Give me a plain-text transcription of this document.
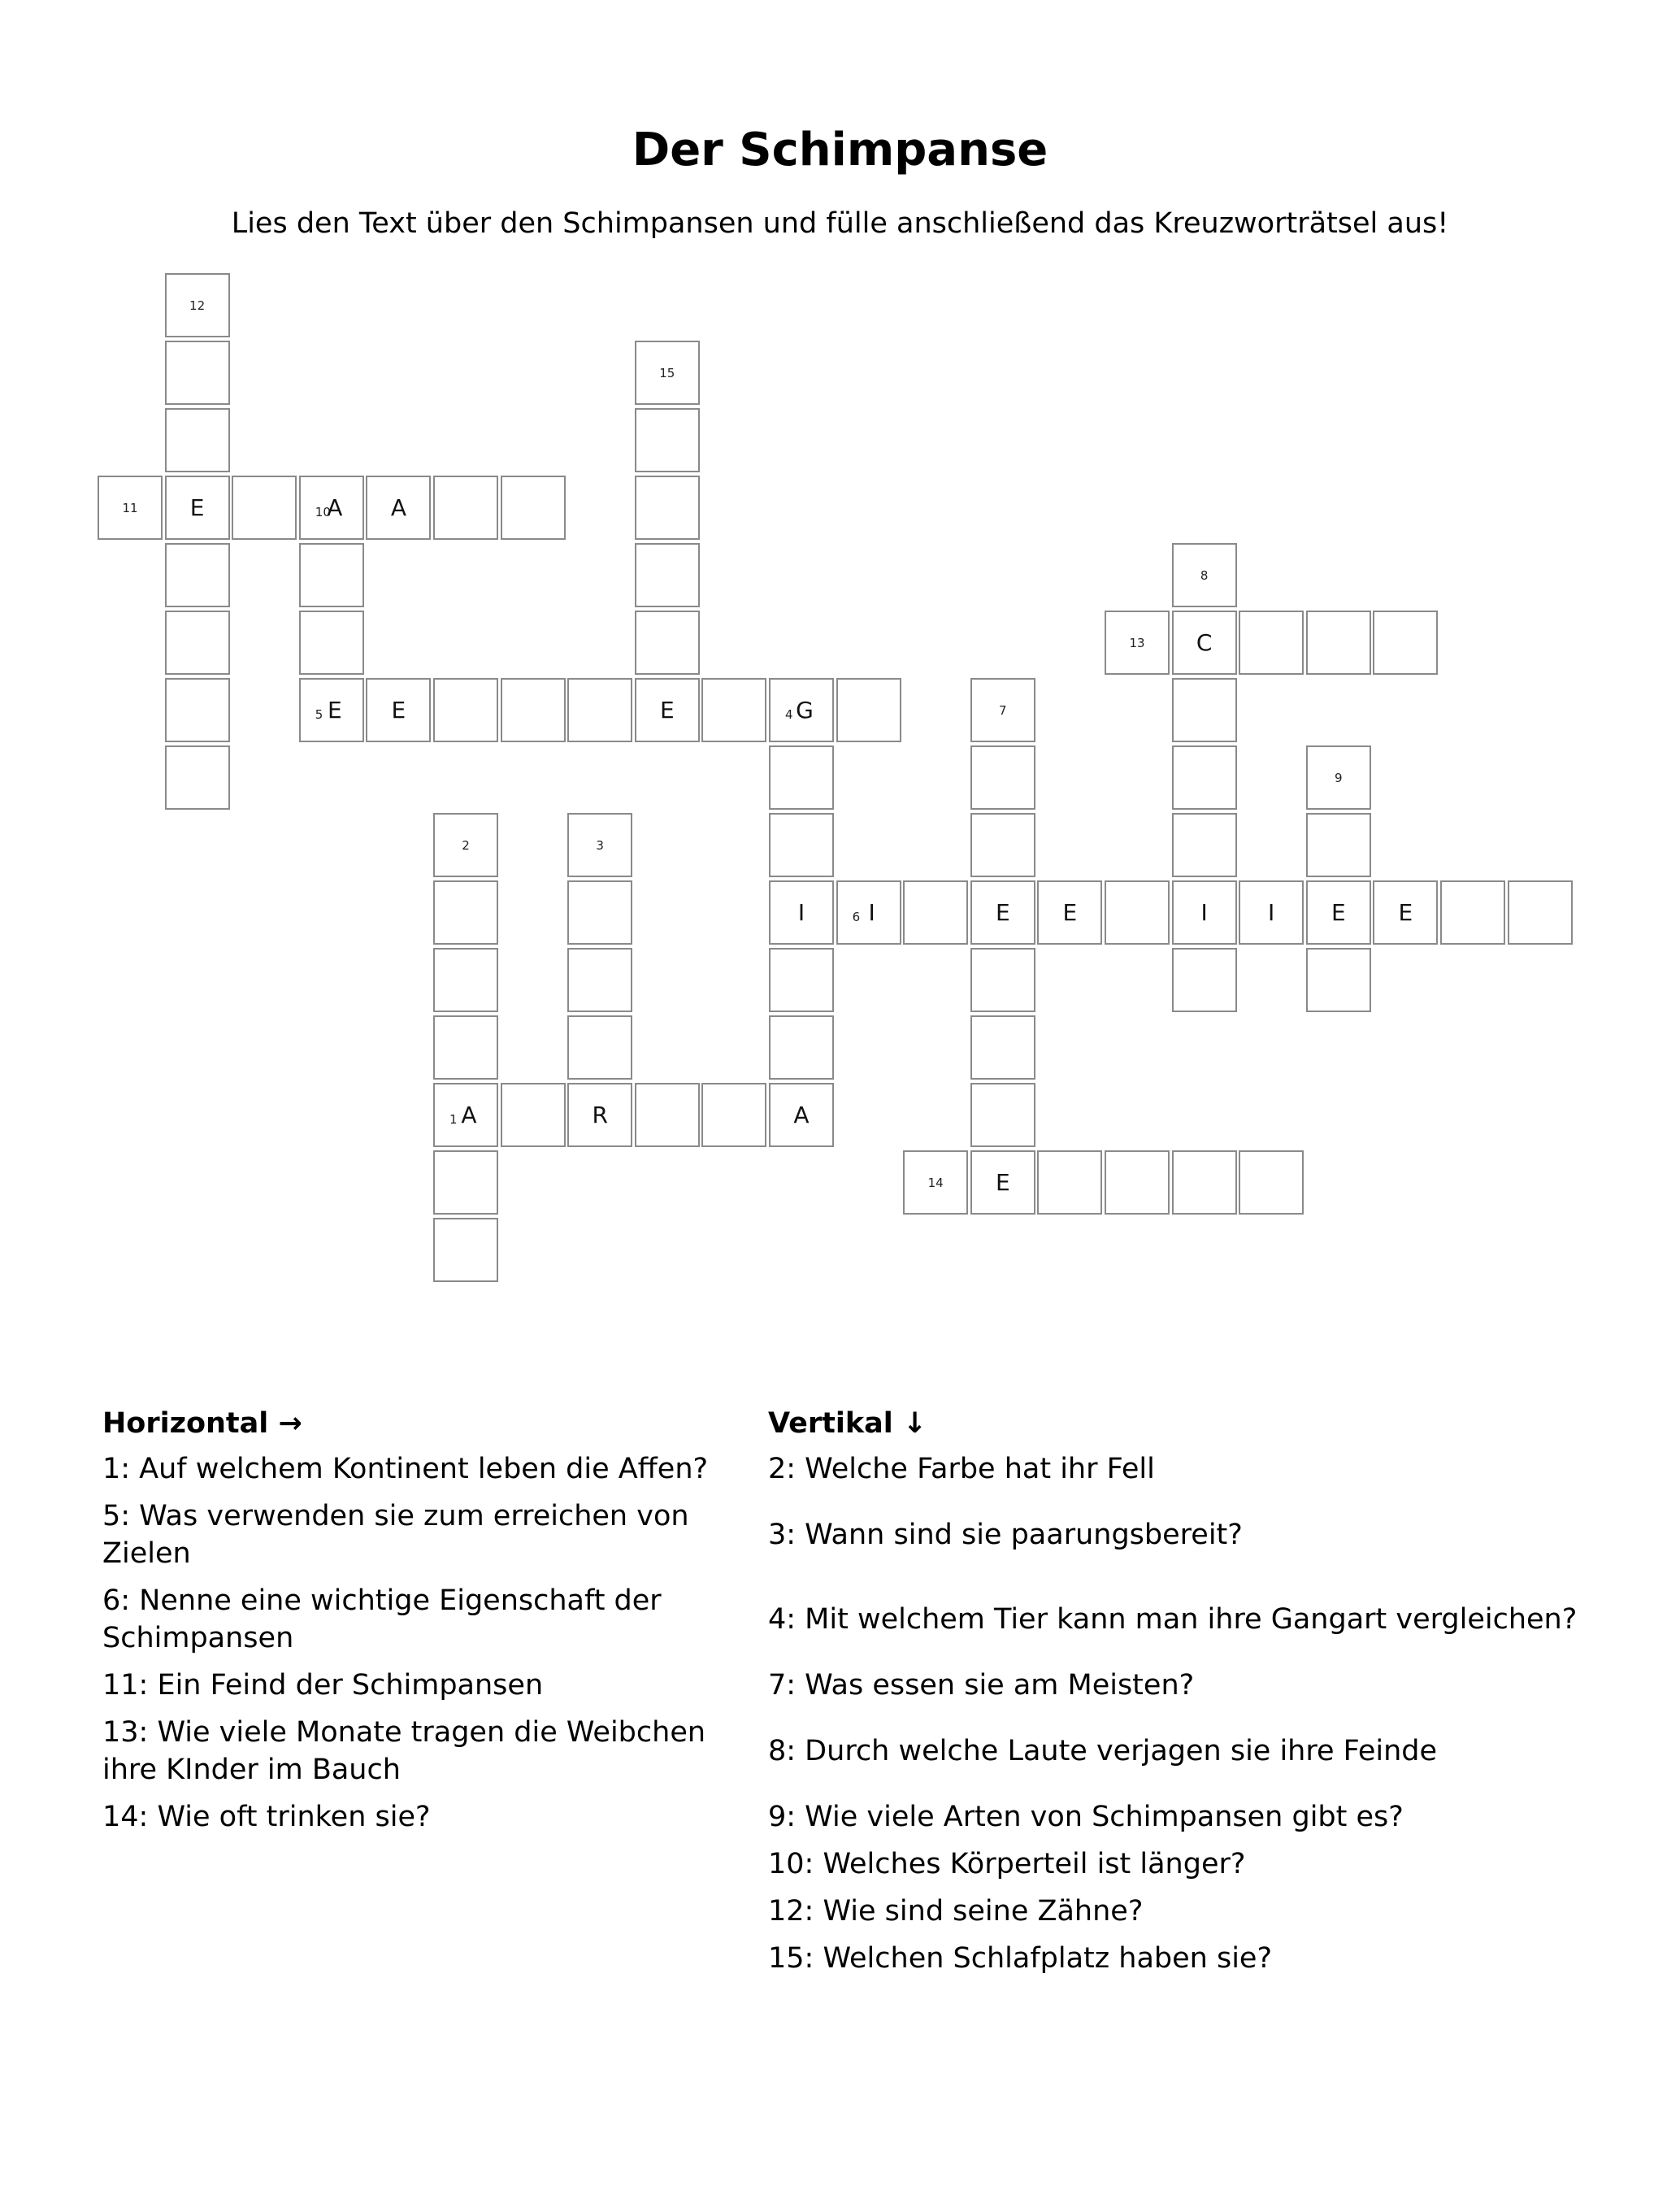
Der Schimpanse
Lies den Text über den Schimpansen und fülle anschließend das Kreuzworträtsel aus!
1 A	R	A
5 E	E	E	4 G
6 I	E	E	I	I	E	E
11	E	10
A	A
13	C
14	E
2	3
I
7
8
9
12
15
Horizontal →
1: Auf welchem Kontinent leben die Affen?
5: Was verwenden sie zum erreichen von Zielen
6: Nenne eine wichtige Eigenschaft der Schimpansen
11: Ein Feind der Schimpansen
13: Wie viele Monate tragen die Weibchen ihre KInder im Bauch
14: Wie oft trinken sie?
Vertikal ↓
2: Welche Farbe hat ihr Fell
3: Wann sind sie paarungsbereit?
4: Mit welchem Tier kann man ihre Gangart vergleichen?
7: Was essen sie am Meisten?
8: Durch welche Laute verjagen sie ihre Feinde
9: Wie viele Arten von Schimpansen gibt es?
10: Welches Körperteil ist länger?
12: Wie sind seine Zähne?
15: Welchen Schlafplatz haben sie?
